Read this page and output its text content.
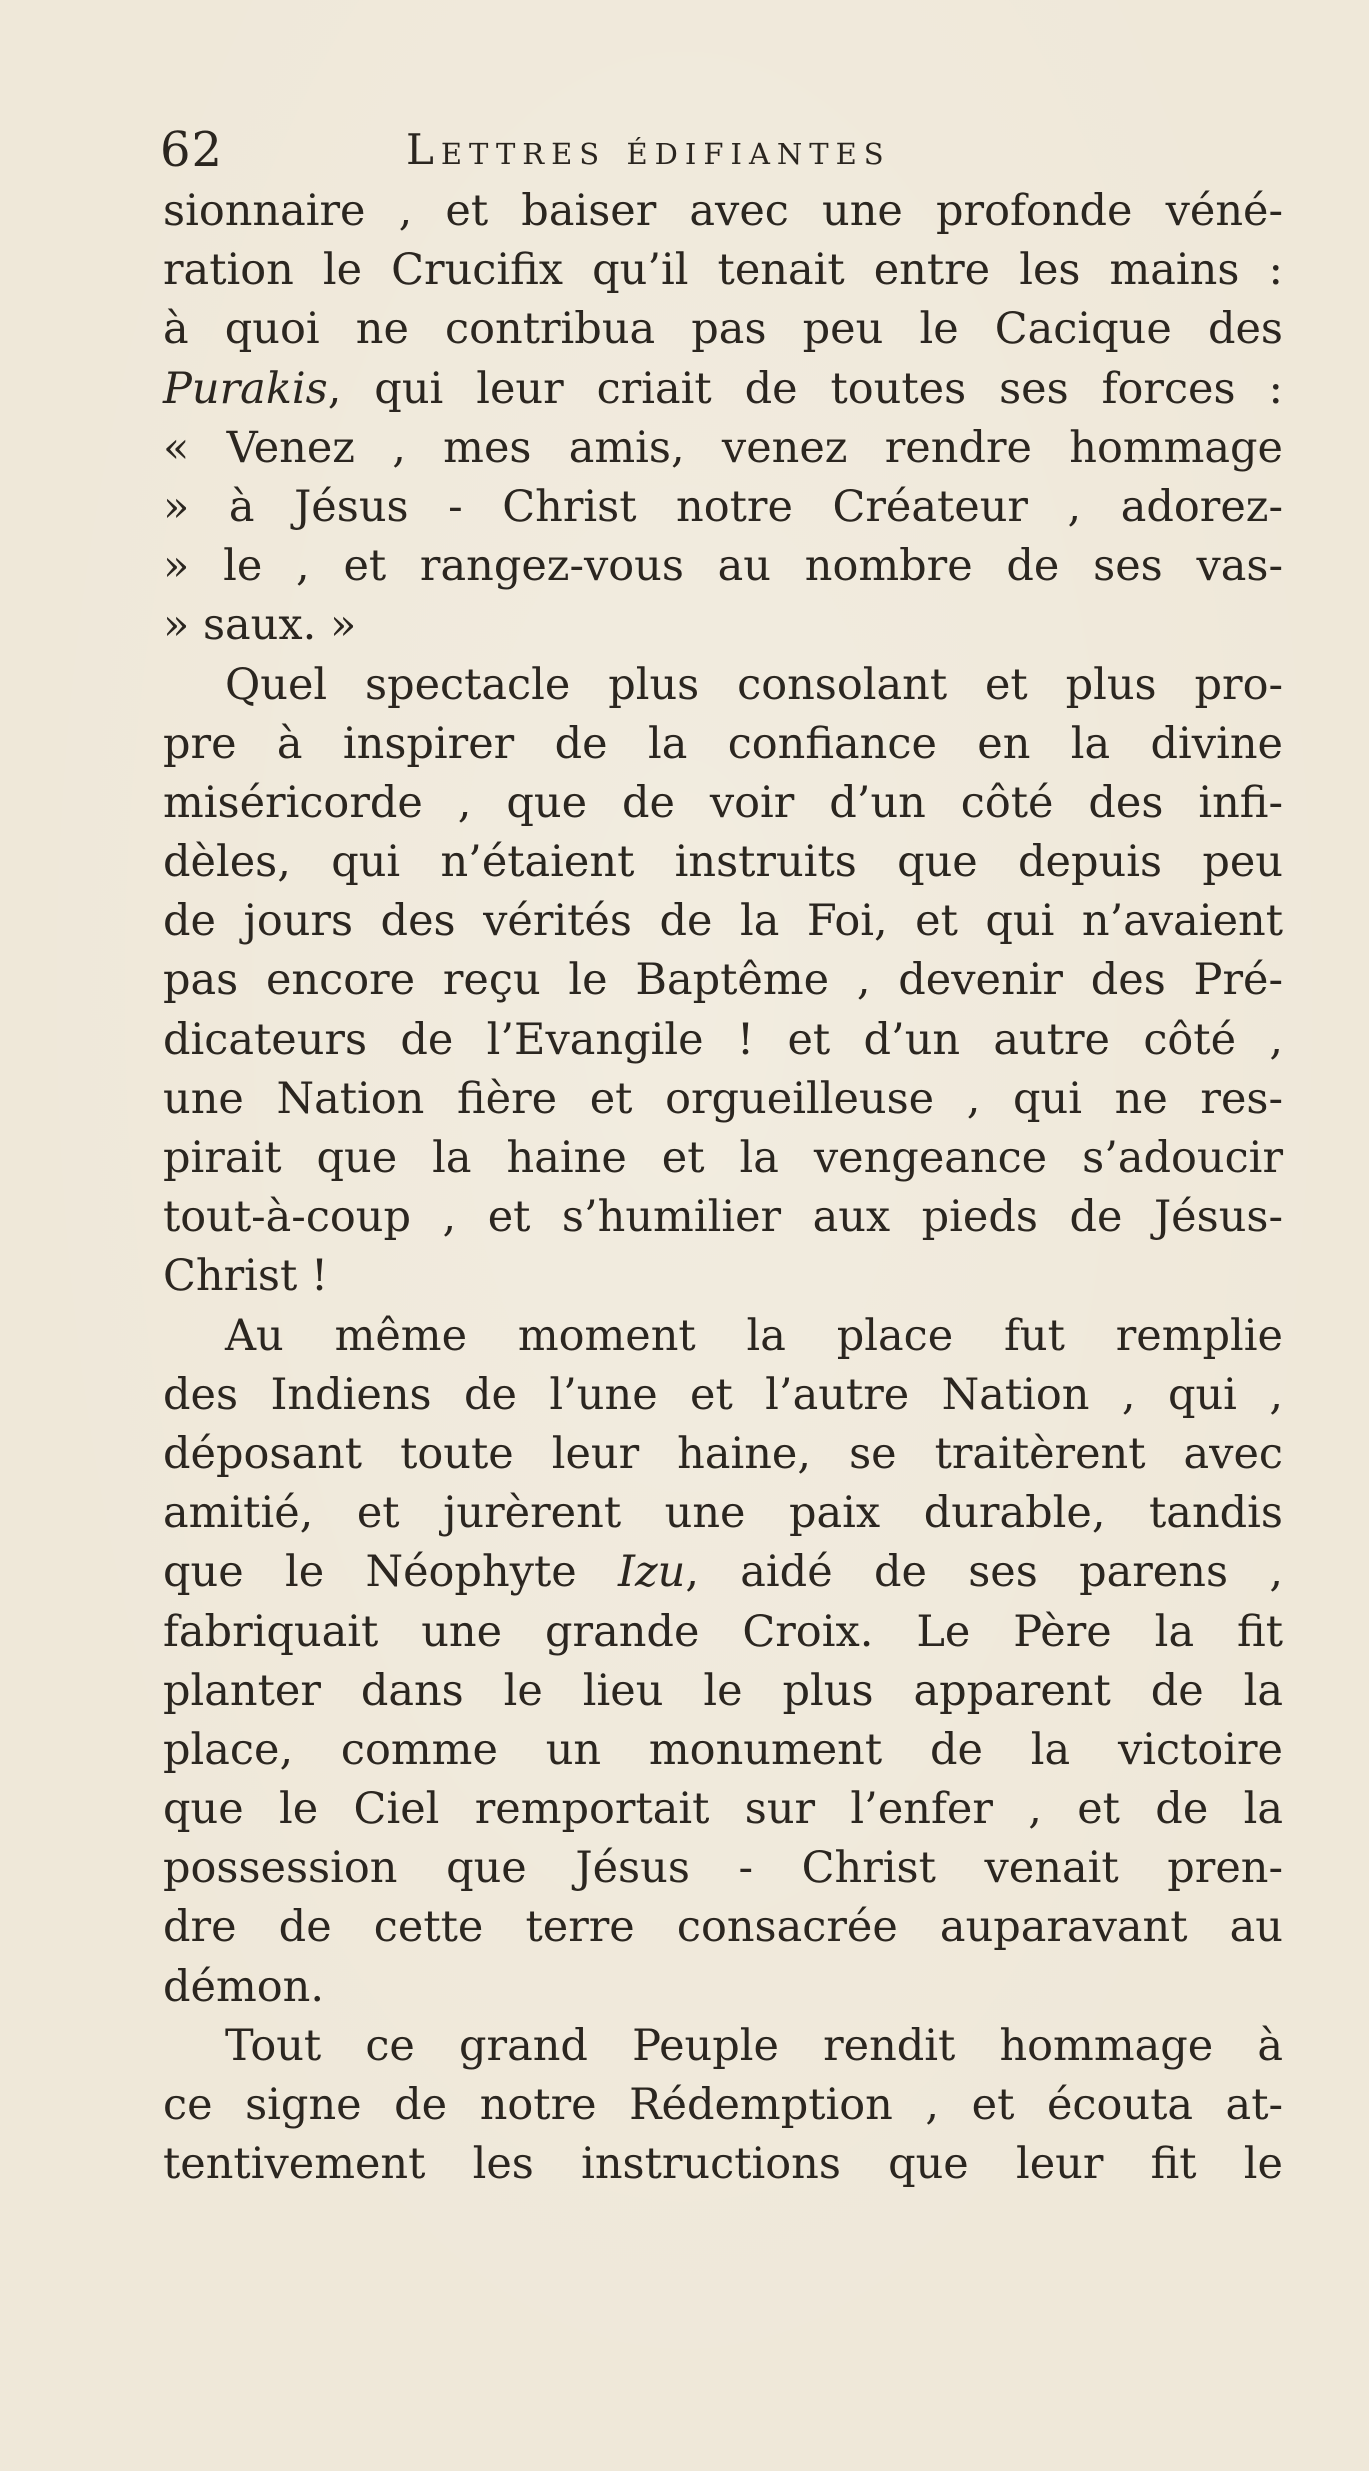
62	Lettres édifiantes
sionnaire , et baiser avec une profonde véné-
ration le Crucifix qu’il tenait entre les mains :
à quoi ne contribua pas peu le Cacique des
Purakis, qui leur criait de toutes ses forces :
« Venez , mes amis, venez rendre hommage
» à Jésus - Christ notre Créateur , adorez-
» le , et rangez-vous au nombre de ses vas-
» saux. »
Quel spectacle plus consolant et plus pro-
pre à inspirer de la confiance en la divine
miséricorde , que de voir d’un côté des infi-
dèles, qui n’étaient instruits que depuis peu
de jours des vérités de la Foi, et qui n’avaient
pas encore reçu le Baptême , devenir des Pré-
dicateurs de l’Evangile ! et d’un autre côté ,
une Nation fière et orgueilleuse , qui ne res-
pirait que la haine et la vengeance s’adoucir
tout-à-coup , et s’humilier aux pieds de Jésus-
Christ !
Au même moment la place fut remplie
des Indiens de l’une et l’autre Nation , qui ,
déposant toute leur haine, se traitèrent avec
amitié, et jurèrent une paix durable, tandis
que le Néophyte Izu, aidé de ses parens ,
fabriquait une grande Croix. Le Père la fit
planter dans le lieu le plus apparent de la
place, comme un monument de la victoire
que le Ciel remportait sur l’enfer , et de la
possession que Jésus - Christ venait pren-
dre de cette terre consacrée auparavant au
démon.
Tout ce grand Peuple rendit hommage à
ce signe de notre Rédemption , et écouta at-
tentivement les instructions que leur fit le
